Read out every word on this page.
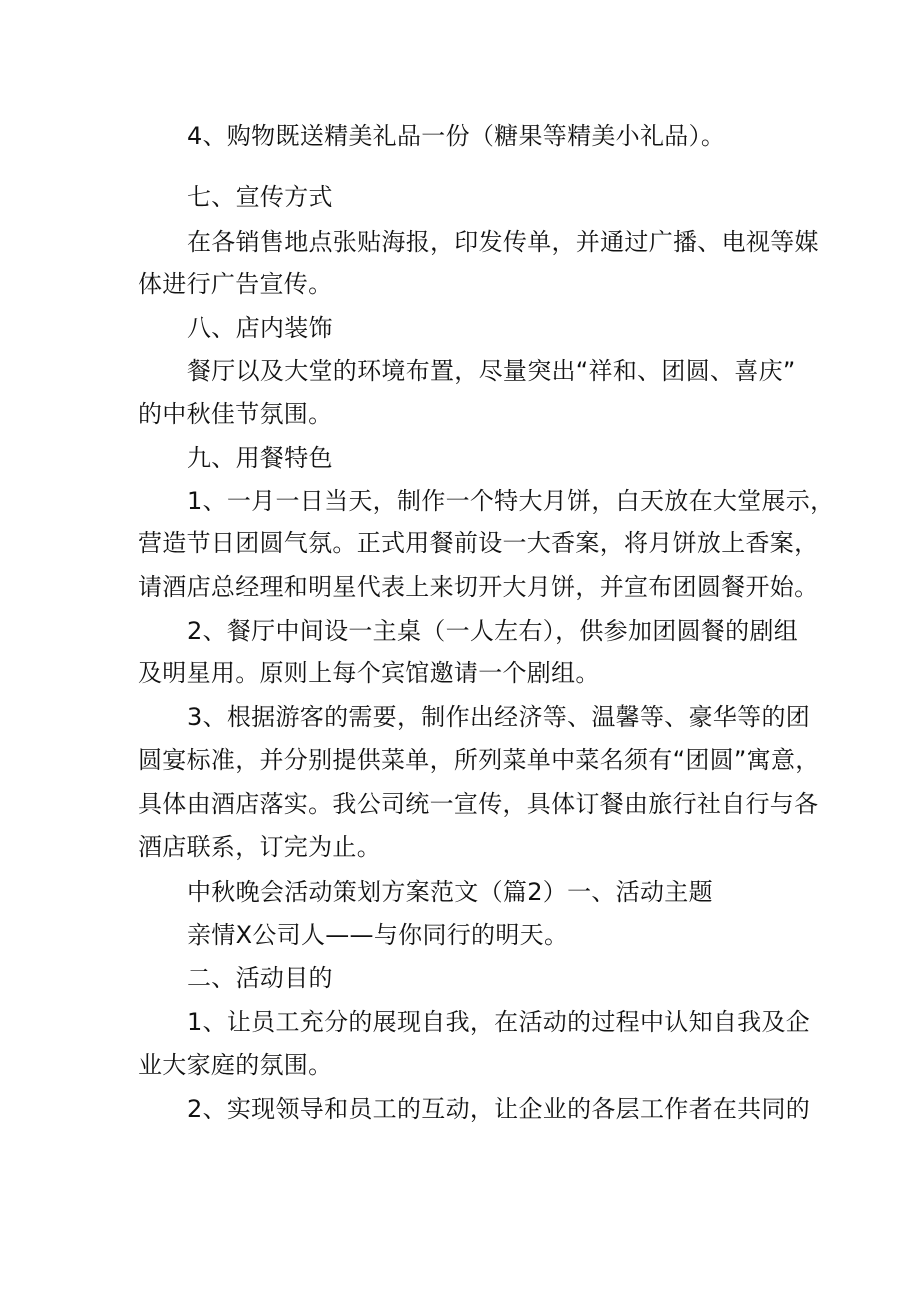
4、购物既送精美礼品一份（糖果等精美小礼品）。
七、宣传方式
在各销售地点张贴海报，印发传单，并通过广播、电视等媒
体进行广告宣传。
八、店内装饰
餐厅以及大堂的环境布置，尽量突出“祥和、团圆、喜庆”
的中秋佳节氛围。
九、用餐特色
1、一月一日当天，制作一个特大月饼，白天放在大堂展示，
营造节日团圆气氛。正式用餐前设一大香案，将月饼放上香案，
请酒店总经理和明星代表上来切开大月饼，并宣布团圆餐开始。
2、餐厅中间设一主桌（一人左右），供参加团圆餐的剧组
及明星用。原则上每个宾馆邀请一个剧组。
3、根据游客的需要，制作出经济等、温馨等、豪华等的团
圆宴标准，并分别提供菜单，所列菜单中菜名须有“团圆”寓意，
具体由酒店落实。我公司统一宣传，具体订餐由旅行社自行与各
酒店联系，订完为止。
中秋晚会活动策划方案范文（篇2）一、活动主题
亲情X公司人——与你同行的明天。
二、活动目的
1、让员工充分的展现自我，在活动的过程中认知自我及企
业大家庭的氛围。
2、实现领导和员工的互动，让企业的各层工作者在共同的
